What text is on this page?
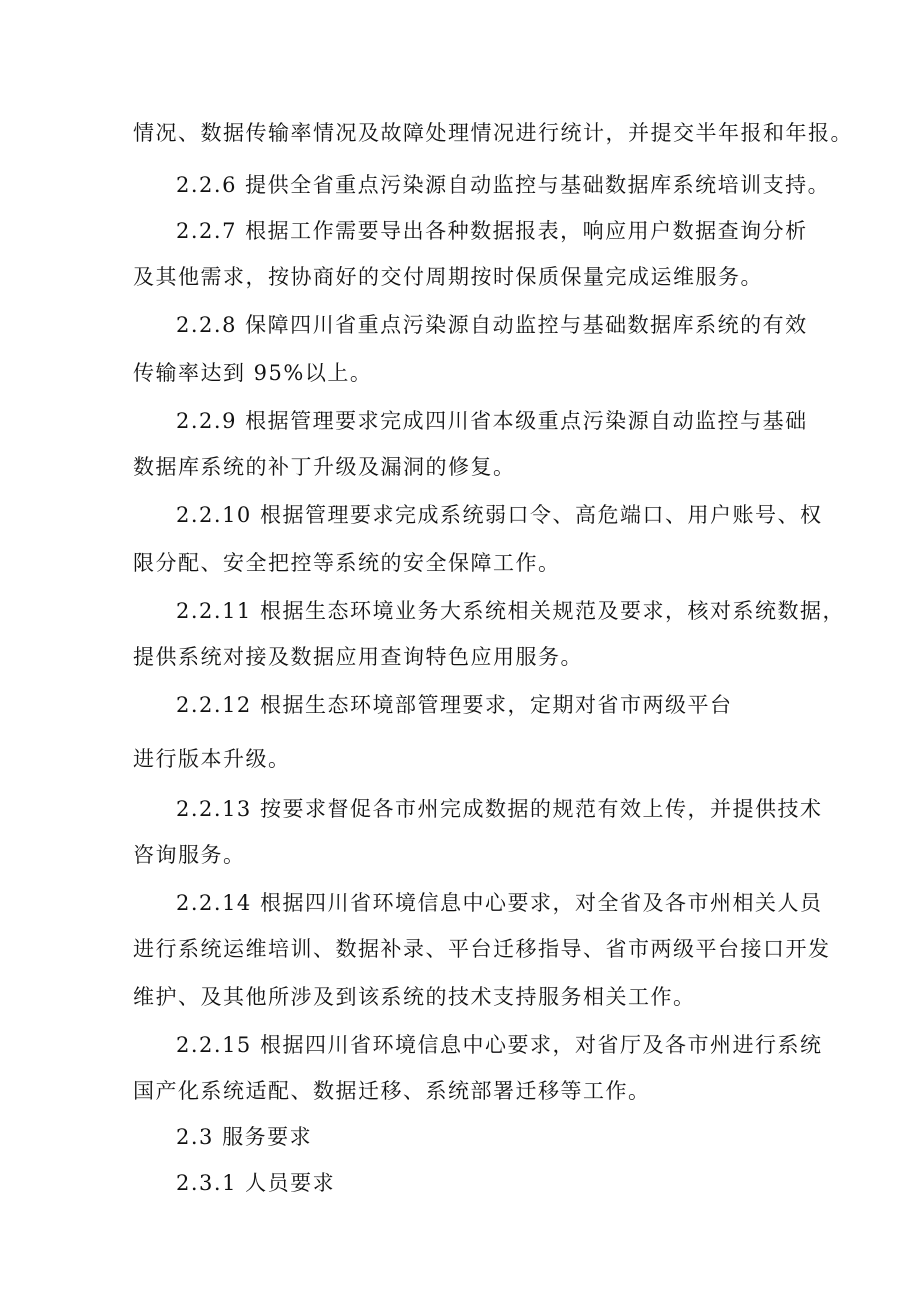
情况、数据传输率情况及故障处理情况进行统计，并提交半年报和年报。
2.2.6 提供全省重点污染源自动监控与基础数据库系统培训支持。
2.2.7 根据工作需要导出各种数据报表，响应用户数据查询分析
及其他需求，按协商好的交付周期按时保质保量完成运维服务。
2.2.8 保障四川省重点污染源自动监控与基础数据库系统的有效
传输率达到 95%以上。
2.2.9 根据管理要求完成四川省本级重点污染源自动监控与基础
数据库系统的补丁升级及漏洞的修复。
2.2.10 根据管理要求完成系统弱口令、高危端口、用户账号、权
限分配、安全把控等系统的安全保障工作。
2.2.11 根据生态环境业务大系统相关规范及要求，核对系统数据，
提供系统对接及数据应用查询特色应用服务。
2.2.12 根据生态环境部管理要求，定期对省市两级平台
进行版本升级。
2.2.13 按要求督促各市州完成数据的规范有效上传，并提供技术
咨询服务。
2.2.14 根据四川省环境信息中心要求，对全省及各市州相关人员
进行系统运维培训、数据补录、平台迁移指导、省市两级平台接口开发
维护、及其他所涉及到该系统的技术支持服务相关工作。
2.2.15 根据四川省环境信息中心要求，对省厅及各市州进行系统
国产化系统适配、数据迁移、系统部署迁移等工作。
2.3 服务要求
2.3.1 人员要求
